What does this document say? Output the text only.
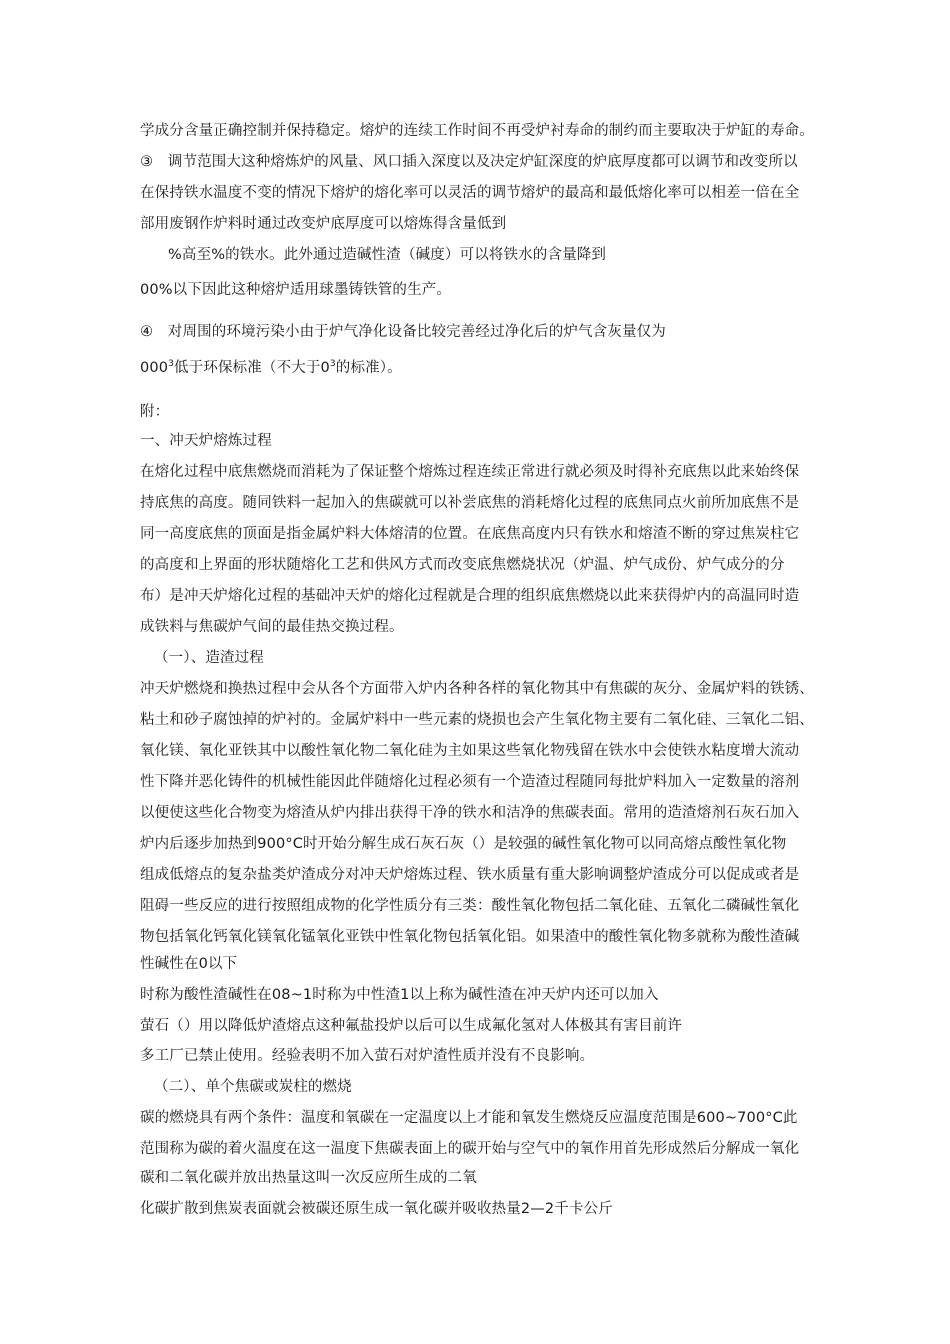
学成分含量正确控制并保持稳定。熔炉的连续工作时间不再受炉衬寿命的制约而主要取决于炉缸的寿命。
③　调节范围大这种熔炼炉的风量、风口插入深度以及决定炉缸深度的炉底厚度都可以调节和改变所以
在保持铁水温度不变的情况下熔炉的熔化率可以灵活的调节熔炉的最高和最低熔化率可以相差一倍在全
部用废钢作炉料时通过改变炉底厚度可以熔炼得含量低到
%高至%的铁水。此外通过造碱性渣（碱度）可以将铁水的含量降到
00%以下因此这种熔炉适用球墨铸铁管的生产。
④　对周围的环境污染小由于炉气净化设备比较完善经过净化后的炉气含灰量仅为
$000^3$低于环保标准（不大于$0^3$的标准）。
附：
一、冲天炉熔炼过程
在熔化过程中底焦燃烧而消耗为了保证整个熔炼过程连续正常进行就必须及时得补充底焦以此来始终保
持底焦的高度。随同铁料一起加入的焦碳就可以补尝底焦的消耗熔化过程的底焦同点火前所加底焦不是
同一高度底焦的顶面是指金属炉料大体熔清的位置。在底焦高度内只有铁水和熔渣不断的穿过焦炭柱它
的高度和上界面的形状随熔化工艺和供风方式而改变底焦燃烧状况（炉温、炉气成份、炉气成分的分
布）是冲天炉熔化过程的基础冲天炉的熔化过程就是合理的组织底焦燃烧以此来获得炉内的高温同时造
成铁料与焦碳炉气间的最佳热交换过程。
（一）、造渣过程
冲天炉燃烧和换热过程中会从各个方面带入炉内各种各样的氧化物其中有焦碳的灰分、金属炉料的铁锈、
粘土和砂子腐蚀掉的炉衬的。金属炉料中一些元素的烧损也会产生氧化物主要有二氧化硅、三氧化二铝、
氧化镁、氧化亚铁其中以酸性氧化物二氧化硅为主如果这些氧化物残留在铁水中会使铁水粘度增大流动
性下降并恶化铸件的机械性能因此伴随熔化过程必须有一个造渣过程随同每批炉料加入一定数量的溶剂
以便使这些化合物变为熔渣从炉内排出获得干净的铁水和洁净的焦碳表面。常用的造渣熔剂石灰石加入
炉内后逐步加热到900°C时开始分解生成石灰石灰（）是较强的碱性氧化物可以同高熔点酸性氧化物
组成低熔点的复杂盐类炉渣成分对冲天炉熔炼过程、铁水质量有重大影响调整炉渣成分可以促成或者是
阻碍一些反应的进行按照组成物的化学性质分有三类：酸性氧化物包括二氧化硅、五氧化二磷碱性氧化
物包括氧化钙氧化镁氧化锰氧化亚铁中性氧化物包括氧化铝。如果渣中的酸性氧化物多就称为酸性渣碱
性碱性在0以下
时称为酸性渣碱性在08~1时称为中性渣1以上称为碱性渣在冲天炉内还可以加入
萤石（）用以降低炉渣熔点这种氟盐投炉以后可以生成氟化氢对人体极其有害目前许
多工厂已禁止使用。经验表明不加入萤石对炉渣性质并没有不良影响。
（二）、单个焦碳或炭柱的燃烧
碳的燃烧具有两个条件：温度和氧碳在一定温度以上才能和氧发生燃烧反应温度范围是600~700°C此
范围称为碳的着火温度在这一温度下焦碳表面上的碳开始与空气中的氧作用首先形成然后分解成一氧化
碳和二氧化碳并放出热量这叫一次反应所生成的二氧
化碳扩散到焦炭表面就会被碳还原生成一氧化碳并吸收热量2—2千卡公斤
